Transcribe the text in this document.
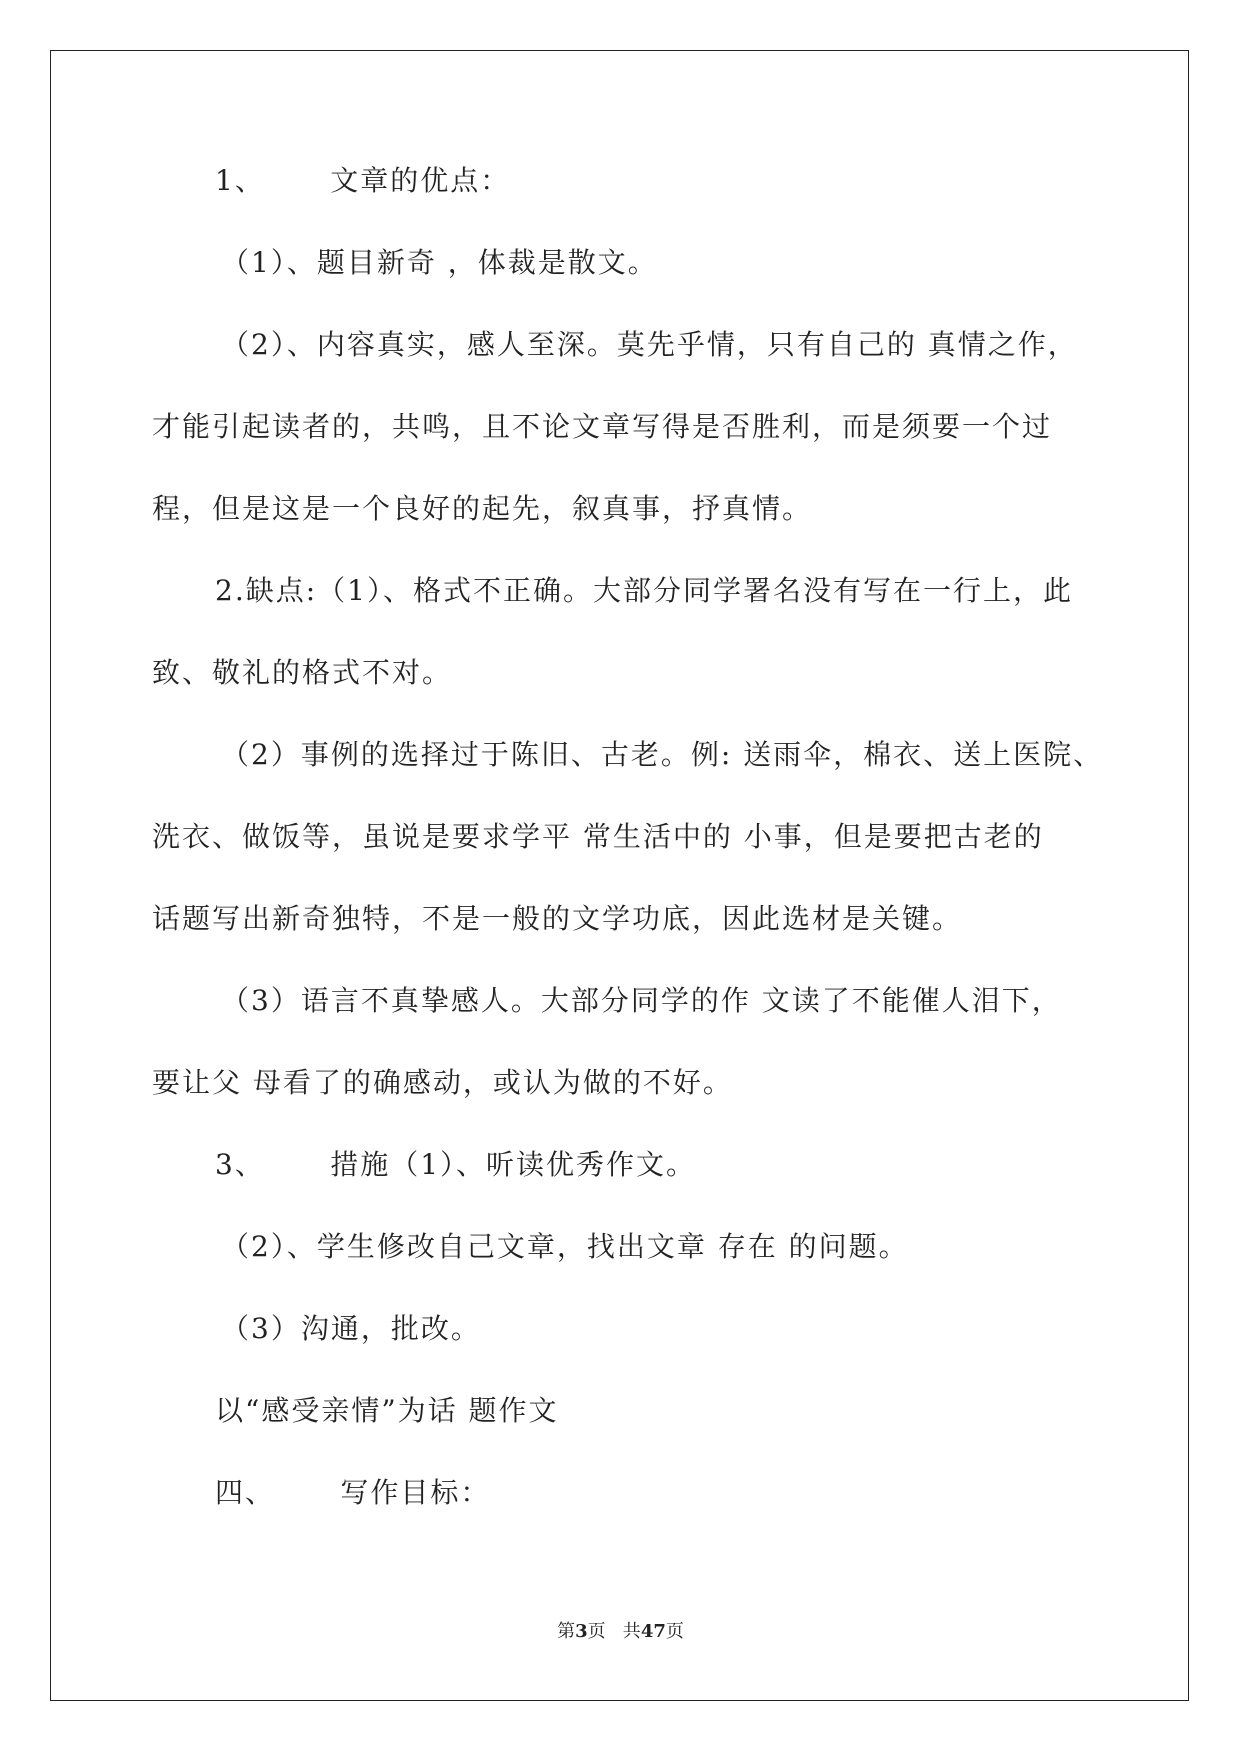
1、      文章的优点：
（1）、题目新奇 ，体裁是散文。
（2）、内容真实，感人至深。莫先乎情，只有自己的 真情之作，
才能引起读者的，共鸣，且不论文章写得是否胜利，而是须要一个过
程，但是这是一个良好的起先，叙真事，抒真情。
2.缺点:（1）、格式不正确。大部分同学署名没有写在一行上，此
致、敬礼的格式不对。
（2）事例的选择过于陈旧、古老。例: 送雨伞，棉衣、送上医院、
洗衣、做饭等，虽说是要求学平 常生活中的 小事，但是要把古老的
话题写出新奇独特，不是一般的文学功底，因此选材是关键。
（3）语言不真挚感人。大部分同学的作 文读了不能催人泪下，
要让父 母看了的确感动，或认为做的不好。
3、      措施（1）、听读优秀作文。
（2）、学生修改自己文章，找出文章 存在 的问题。
（3）沟通，批改。
以“感受亲情”为话 题作文
四、      写作目标：
第3页   共47页
